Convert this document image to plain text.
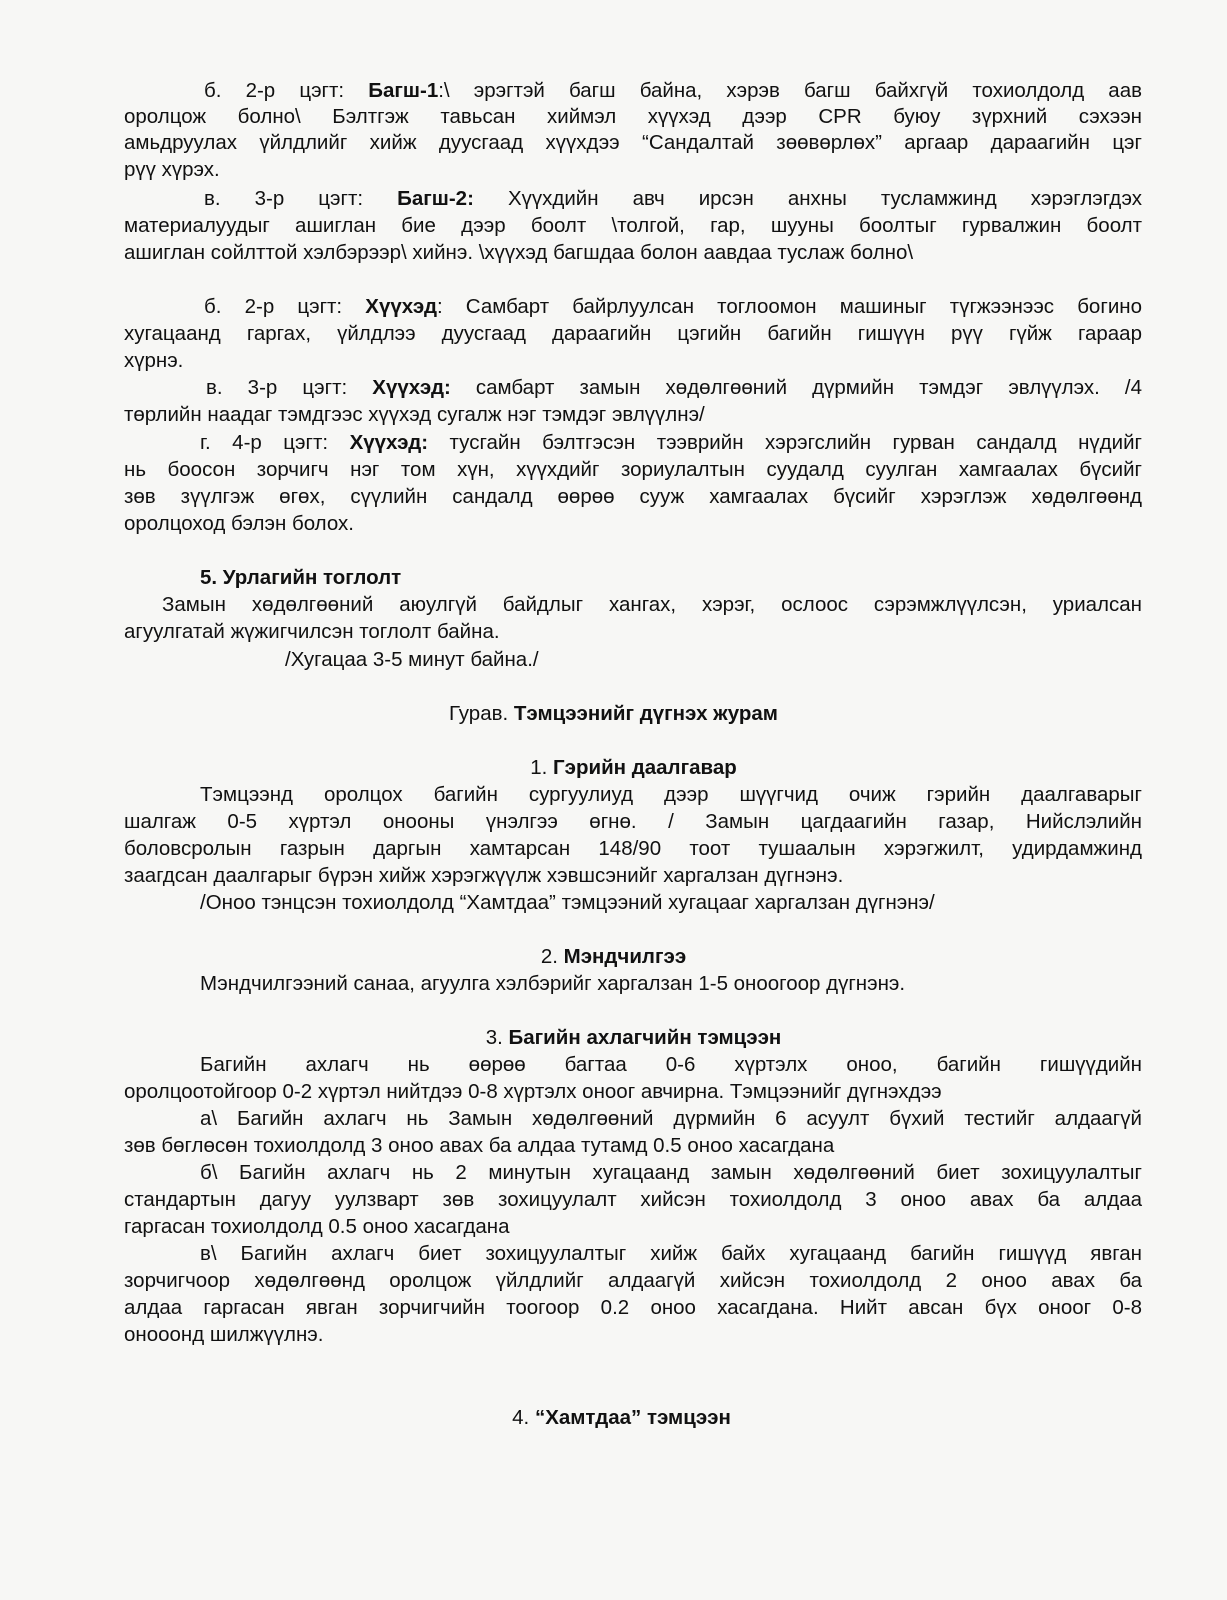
б. 2-р цэгт: Багш-1:\ эрэгтэй багш байна, хэрэв багш байхгүй тохиолдолд аав
оролцож болно\ Бэлтгэж тавьсан хиймэл хүүхэд дээр CPR буюу зүрхний сэхээн
амьдруулах үйлдлийг хийж дуусгаад хүүхдээ “Сандалтай зөөвөрлөх” аргаар дараагийн цэг
рүү хүрэх.
в. 3-р цэгт: Багш-2: Хүүхдийн авч ирсэн анхны тусламжинд хэрэглэгдэх
материалуудыг ашиглан бие дээр боолт \толгой, гар, шууны боолтыг гурвалжин боолт
ашиглан сойлттой хэлбэрээр\ хийнэ. \хүүхэд багшдаа болон аавдаа туслаж болно\
б. 2-р цэгт: Хүүхэд: Самбарт байрлуулсан тоглоомон машиныг түгжээнээс богино
хугацаанд гаргах, үйлдлээ дуусгаад дараагийн цэгийн багийн гишүүн рүү гүйж гараар
хүрнэ.
в. 3-р цэгт: Хүүхэд: самбарт замын хөдөлгөөний дүрмийн тэмдэг эвлүүлэх. /4
төрлийн наадаг тэмдгээс хүүхэд сугалж нэг тэмдэг эвлүүлнэ/
г. 4-р цэгт: Хүүхэд: тусгайн бэлтгэсэн тээврийн хэрэгслийн гурван сандалд нүдийг
нь боосон зорчигч нэг том хүн, хүүхдийг зориулалтын суудалд суулган хамгаалах бүсийг
зөв зүүлгэж өгөх, сүүлийн сандалд өөрөө сууж хамгаалах бүсийг хэрэглэж хөдөлгөөнд
оролцоход бэлэн болох.
5. Урлагийн тоглолт
Замын хөдөлгөөний аюулгүй байдлыг хангах, хэрэг, ослоос сэрэмжлүүлсэн, уриалсан
агуулгатай жүжигчилсэн тоглолт байна.
/Хугацаа 3-5 минут байна./
Гурав. Тэмцээнийг дүгнэх журам
1. Гэрийн даалгавар
Тэмцээнд оролцох багийн сургуулиуд дээр шүүгчид очиж гэрийн даалгаварыг
шалгаж 0-5 хүртэл онооны үнэлгээ өгнө. / Замын цагдаагийн газар, Нийслэлийн
боловсролын газрын даргын хамтарсан 148/90 тоот тушаалын хэрэгжилт, удирдамжинд
заагдсан даалгарыг бүрэн хийж хэрэгжүүлж хэвшсэнийг харгалзан дүгнэнэ.
/Оноо тэнцсэн тохиолдолд “Хамтдаа” тэмцээний хугацааг харгалзан дүгнэнэ/
2. Мэндчилгээ
Мэндчилгээний санаа, агуулга хэлбэрийг харгалзан 1-5 оноогоор дүгнэнэ.
3. Багийн ахлагчийн тэмцээн
Багийн ахлагч нь өөрөө багтаа 0-6 хүртэлх оноо, багийн гишүүдийн
оролцоотойгоор 0-2 хүртэл нийтдээ 0-8 хүртэлх оноог авчирна. Тэмцээнийг дүгнэхдээ
а\ Багийн ахлагч нь Замын хөдөлгөөний дүрмийн 6 асуулт бүхий тестийг алдаагүй
зөв бөглөсөн тохиолдолд 3 оноо авах ба алдаа тутамд 0.5 оноо хасагдана
б\ Багийн ахлагч нь 2 минутын хугацаанд замын хөдөлгөөний биет зохицуулалтыг
стандартын дагуу уулзварт зөв зохицуулалт хийсэн тохиолдолд 3 оноо авах ба алдаа
гаргасан тохиолдолд 0.5 оноо хасагдана
в\ Багийн ахлагч биет зохицуулалтыг хийж байх хугацаанд багийн гишүүд явган
зорчигчоор хөдөлгөөнд оролцож үйлдлийг алдаагүй хийсэн тохиолдолд 2 оноо авах ба
алдаа гаргасан явган зорчигчийн тоогоор 0.2 оноо хасагдана. Нийт авсан бүх оноог 0-8
онооонд шилжүүлнэ.
4. “Хамтдаа” тэмцээн
